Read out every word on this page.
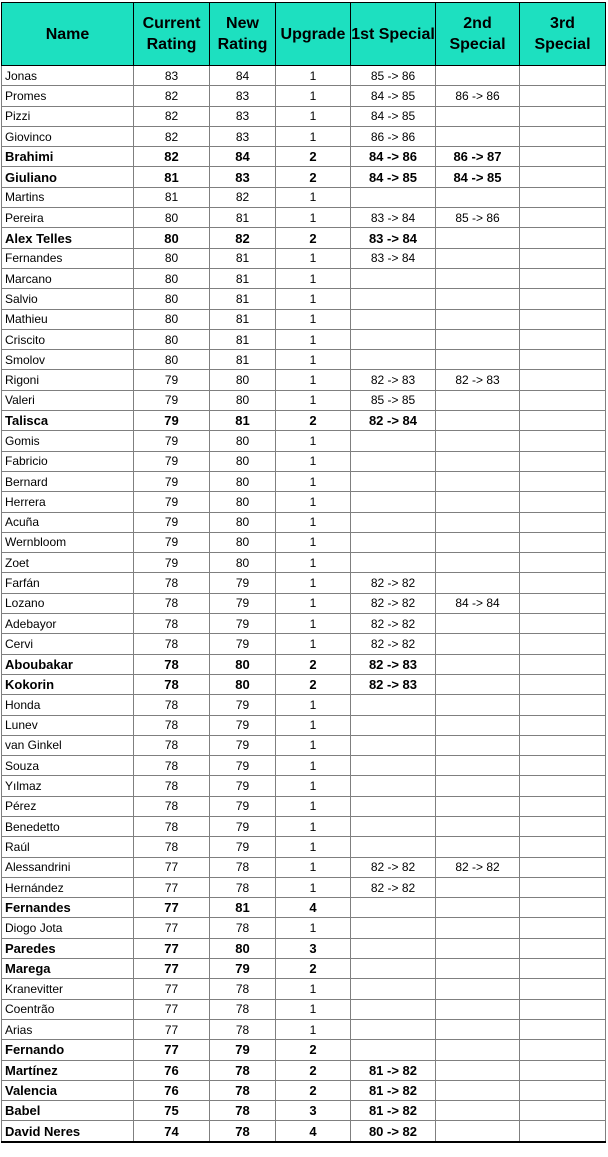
Name	Current Rating	New Rating	Upgrade	1st Special	2nd Special	3rd Special
Jonas	83	84	1	85 -> 86		
Promes	82	83	1	84 -> 85	86 -> 86	
Pizzi	82	83	1	84 -> 85		
Giovinco	82	83	1	86 -> 86		
Brahimi	82	84	2	84 -> 86	86 -> 87	
Giuliano	81	83	2	84 -> 85	84 -> 85	
Martins	81	82	1			
Pereira	80	81	1	83 -> 84	85 -> 86	
Alex Telles	80	82	2	83 -> 84		
Fernandes	80	81	1	83 -> 84		
Marcano	80	81	1			
Salvio	80	81	1			
Mathieu	80	81	1			
Criscito	80	81	1			
Smolov	80	81	1			
Rigoni	79	80	1	82 -> 83	82 -> 83	
Valeri	79	80	1	85 -> 85		
Talisca	79	81	2	82 -> 84		
Gomis	79	80	1			
Fabricio	79	80	1			
Bernard	79	80	1			
Herrera	79	80	1			
Acuña	79	80	1			
Wernbloom	79	80	1			
Zoet	79	80	1			
Farfán	78	79	1	82 -> 82		
Lozano	78	79	1	82 -> 82	84 -> 84	
Adebayor	78	79	1	82 -> 82		
Cervi	78	79	1	82 -> 82		
Aboubakar	78	80	2	82 -> 83		
Kokorin	78	80	2	82 -> 83		
Honda	78	79	1			
Lunev	78	79	1			
van Ginkel	78	79	1			
Souza	78	79	1			
Yılmaz	78	79	1			
Pérez	78	79	1			
Benedetto	78	79	1			
Raúl	78	79	1			
Alessandrini	77	78	1	82 -> 82	82 -> 82	
Hernández	77	78	1	82 -> 82		
Fernandes	77	81	4			
Diogo Jota	77	78	1			
Paredes	77	80	3			
Marega	77	79	2			
Kranevitter	77	78	1			
Coentrão	77	78	1			
Arias	77	78	1			
Fernando	77	79	2			
Martínez	76	78	2	81 -> 82		
Valencia	76	78	2	81 -> 82		
Babel	75	78	3	81 -> 82		
David Neres	74	78	4	80 -> 82		
